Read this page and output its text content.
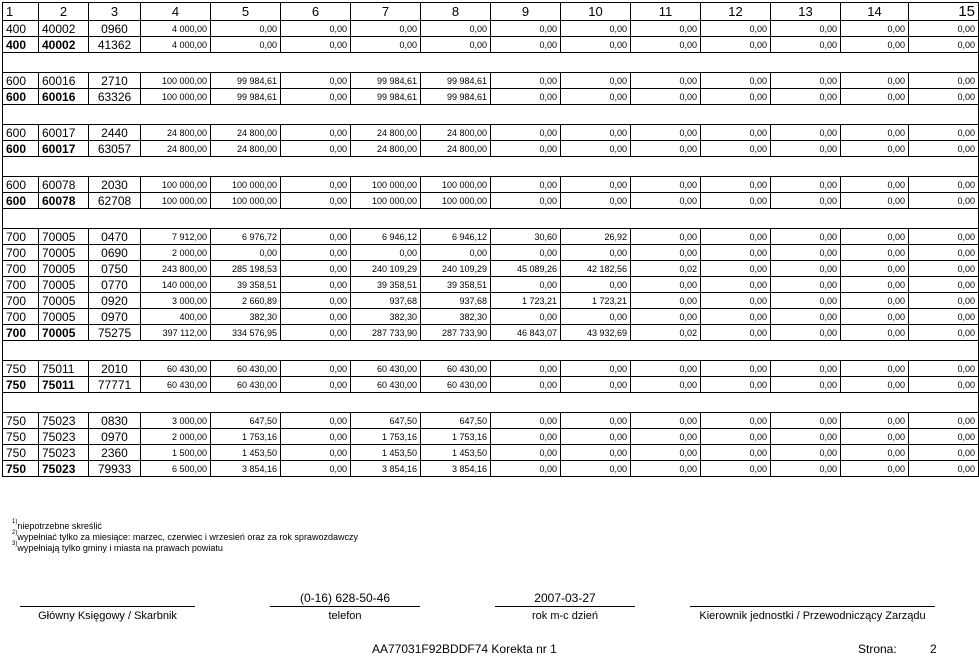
1	2	3	4	5	6	7	8	9	10	11	12	13	14	15
400	40002	0960	4 000,00	0,00	0,00	0,00	0,00	0,00	0,00	0,00	0,00	0,00	0,00	0,00
400	40002	41362	4 000,00	0,00	0,00	0,00	0,00	0,00	0,00	0,00	0,00	0,00	0,00	0,00

600	60016	2710	100 000,00	99 984,61	0,00	99 984,61	99 984,61	0,00	0,00	0,00	0,00	0,00	0,00	0,00
600	60016	63326	100 000,00	99 984,61	0,00	99 984,61	99 984,61	0,00	0,00	0,00	0,00	0,00	0,00	0,00

600	60017	2440	24 800,00	24 800,00	0,00	24 800,00	24 800,00	0,00	0,00	0,00	0,00	0,00	0,00	0,00
600	60017	63057	24 800,00	24 800,00	0,00	24 800,00	24 800,00	0,00	0,00	0,00	0,00	0,00	0,00	0,00

600	60078	2030	100 000,00	100 000,00	0,00	100 000,00	100 000,00	0,00	0,00	0,00	0,00	0,00	0,00	0,00
600	60078	62708	100 000,00	100 000,00	0,00	100 000,00	100 000,00	0,00	0,00	0,00	0,00	0,00	0,00	0,00

700	70005	0470	7 912,00	6 976,72	0,00	6 946,12	6 946,12	30,60	26,92	0,00	0,00	0,00	0,00	0,00
700	70005	0690	2 000,00	0,00	0,00	0,00	0,00	0,00	0,00	0,00	0,00	0,00	0,00	0,00
700	70005	0750	243 800,00	285 198,53	0,00	240 109,29	240 109,29	45 089,26	42 182,56	0,02	0,00	0,00	0,00	0,00
700	70005	0770	140 000,00	39 358,51	0,00	39 358,51	39 358,51	0,00	0,00	0,00	0,00	0,00	0,00	0,00
700	70005	0920	3 000,00	2 660,89	0,00	937,68	937,68	1 723,21	1 723,21	0,00	0,00	0,00	0,00	0,00
700	70005	0970	400,00	382,30	0,00	382,30	382,30	0,00	0,00	0,00	0,00	0,00	0,00	0,00
700	70005	75275	397 112,00	334 576,95	0,00	287 733,90	287 733,90	46 843,07	43 932,69	0,02	0,00	0,00	0,00	0,00

750	75011	2010	60 430,00	60 430,00	0,00	60 430,00	60 430,00	0,00	0,00	0,00	0,00	0,00	0,00	0,00
750	75011	77771	60 430,00	60 430,00	0,00	60 430,00	60 430,00	0,00	0,00	0,00	0,00	0,00	0,00	0,00

750	75023	0830	3 000,00	647,50	0,00	647,50	647,50	0,00	0,00	0,00	0,00	0,00	0,00	0,00
750	75023	0970	2 000,00	1 753,16	0,00	1 753,16	1 753,16	0,00	0,00	0,00	0,00	0,00	0,00	0,00
750	75023	2360	1 500,00	1 453,50	0,00	1 453,50	1 453,50	0,00	0,00	0,00	0,00	0,00	0,00	0,00
750	75023	79933	6 500,00	3 854,16	0,00	3 854,16	3 854,16	0,00	0,00	0,00	0,00	0,00	0,00	0,00
$^{1)}$niepotrzebne skreślić
$^{2)}$wypełniać tylko za miesiące: marzec, czerwiec i wrzesień oraz za rok sprawozdawczy
$^{3)}$wypełniają tylko gminy i miasta na prawach powiatu
Główny Księgowy / Skarbnik
(0-16) 628-50-46
telefon
2007-03-27
rok m-c dzień	Kierownik jednostki / Przewodniczący Zarządu
AA77031F92BDDF74 Korekta nr 1	Strona:	2
